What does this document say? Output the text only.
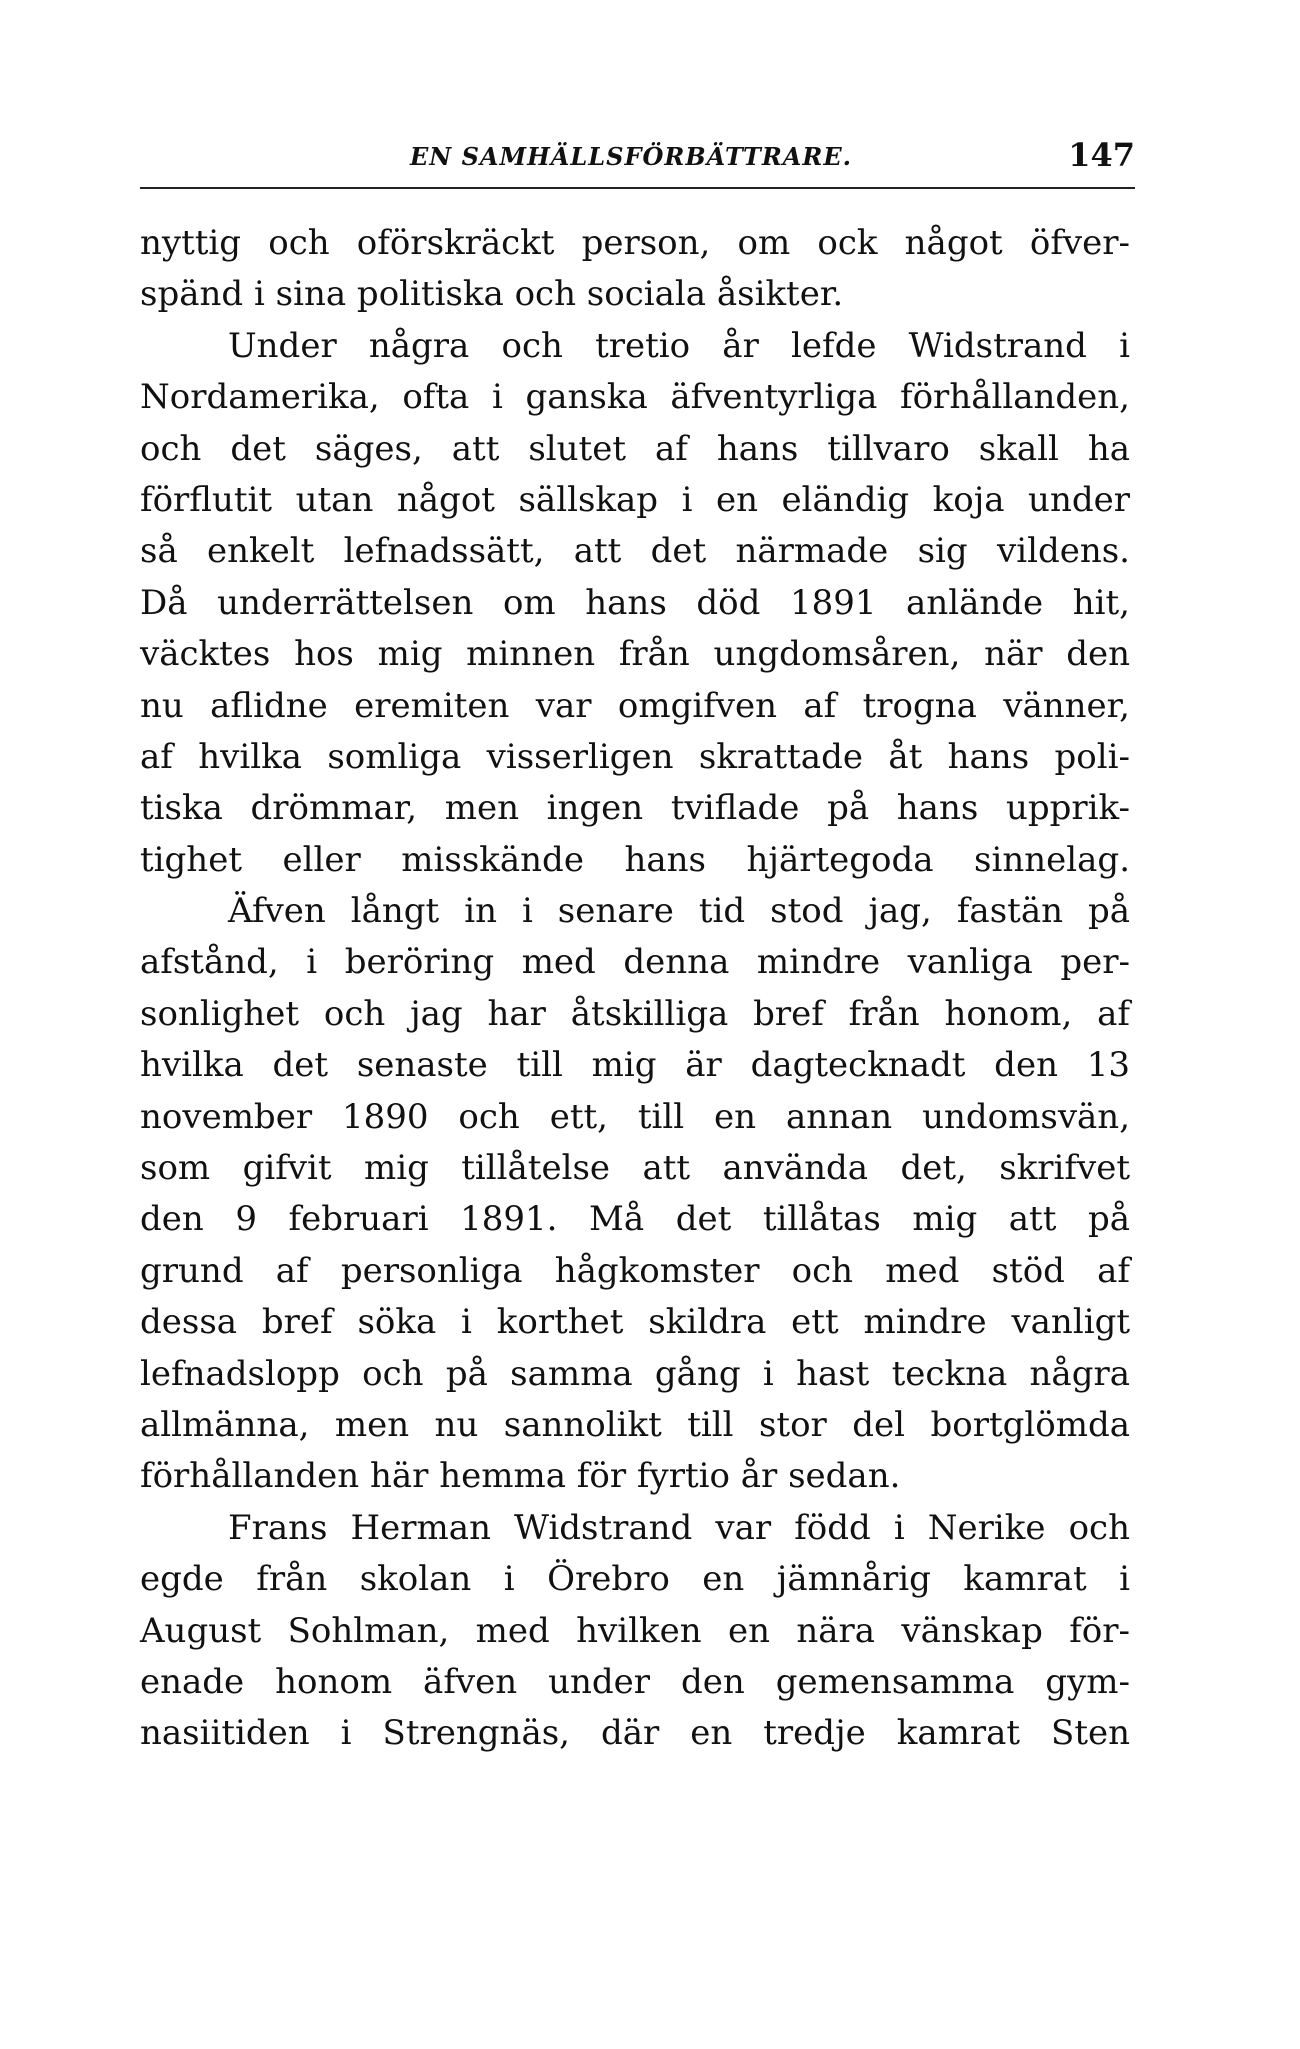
EN SAMHÄLLSFÖRBÄTTRARE.	147
nyttig och oförskräckt person, om ock något öfver-
spänd i sina politiska och sociala åsikter.
Under några och tretio år lefde Widstrand i
Nordamerika, ofta i ganska äfventyrliga förhållanden,
och det säges, att slutet af hans tillvaro skall ha
förflutit utan något sällskap i en eländig koja under
så enkelt lefnadssätt, att det närmade sig vildens.
Då underrättelsen om hans död 1891 anlände hit,
väcktes hos mig minnen från ungdomsåren, när den
nu aflidne eremiten var omgifven af trogna vänner,
af hvilka somliga visserligen skrattade åt hans poli-
tiska drömmar, men ingen tviflade på hans upprik-
tighet eller misskände hans hjärtegoda sinnelag.
Äfven långt in i senare tid stod jag, fastän på
afstånd, i beröring med denna mindre vanliga per-
sonlighet och jag har åtskilliga bref från honom, af
hvilka det senaste till mig är dagtecknadt den 13
november 1890 och ett, till en annan undomsvän,
som gifvit mig tillåtelse att använda det, skrifvet
den 9 februari 1891. Må det tillåtas mig att på
grund af personliga hågkomster och med stöd af
dessa bref söka i korthet skildra ett mindre vanligt
lefnadslopp och på samma gång i hast teckna några
allmänna, men nu sannolikt till stor del bortglömda
förhållanden här hemma för fyrtio år sedan.
Frans Herman Widstrand var född i Nerike och
egde från skolan i Örebro en jämnårig kamrat i
August Sohlman, med hvilken en nära vänskap för-
enade honom äfven under den gemensamma gym-
nasiitiden i Strengnäs, där en tredje kamrat Sten
